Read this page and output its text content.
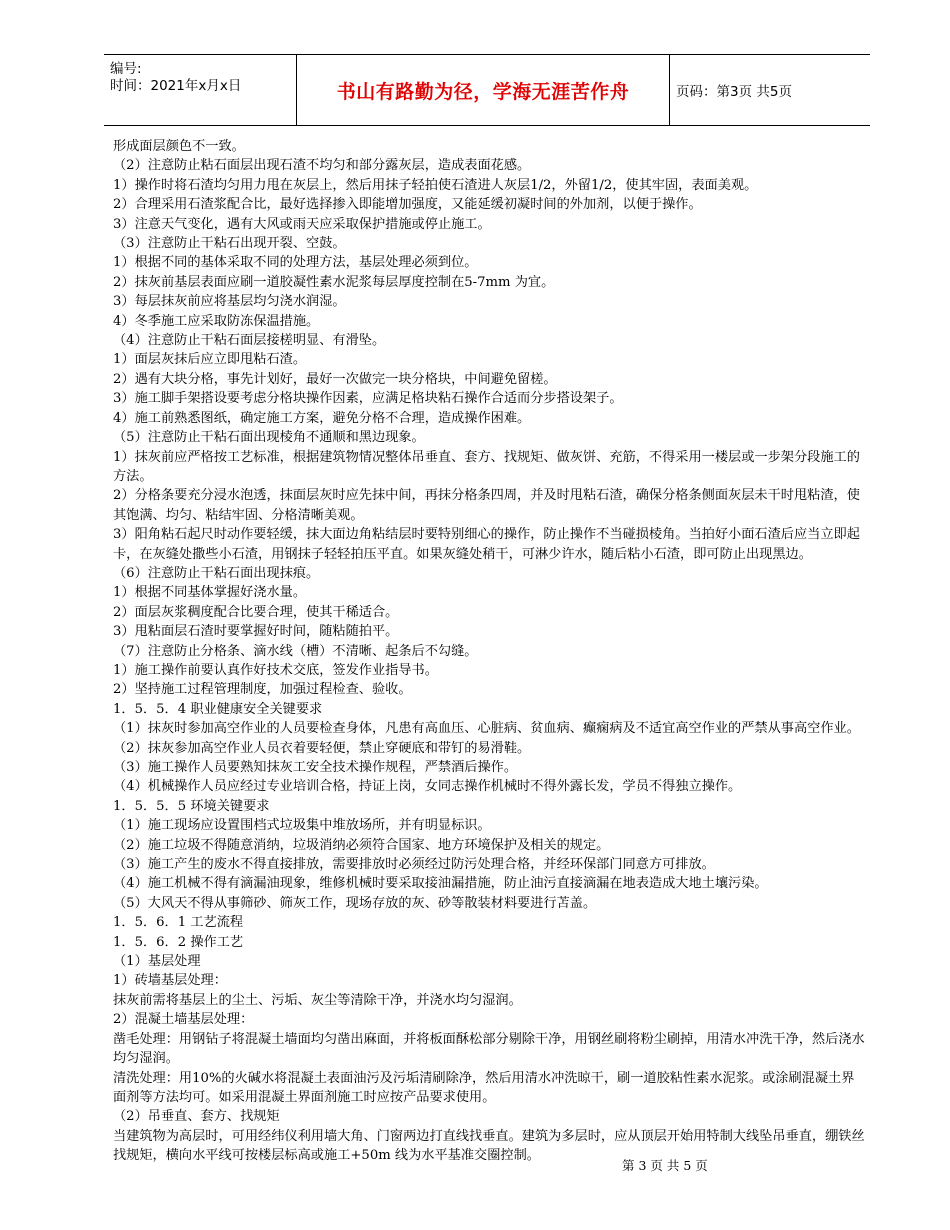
编号:
时间：2021年x月x日	书山有路勤为径，学海无涯苦作舟	页码：第3页 共5页

形成面层颜色不一致。

（2）注意防止粘石面层出现石渣不均匀和部分露灰层，造成表面花感。

1）操作时将石渣均匀用力甩在灰层上，然后用抹子轻拍使石渣进人灰层1/2，外留1/2，使其牢固，表面美观。

2）合理采用石渣浆配合比，最好选择掺入即能增加强度，又能延缓初凝时间的外加剂，以便于操作。

3）注意天气变化，遇有大风或雨天应采取保护措施或停止施工。

（3）注意防止干粘石出现开裂、空鼓。

1）根据不同的基体采取不同的处理方法，基层处理必须到位。

2）抹灰前基层表面应刷一道胶凝性素水泥浆每层厚度控制在5-7mm 为宜。

3）每层抹灰前应将基层均匀浇水润湿。

4）冬季施工应采取防冻保温措施。

（4）注意防止干粘石面层接槎明显、有滑坠。

1）面层灰抹后应立即甩粘石渣。

2）遇有大块分格，事先计划好，最好一次做完一块分格块，中间避免留槎。

3）施工脚手架搭设要考虑分格块操作因素，应满足格块粘石操作合适而分步搭设架子。

4）施工前熟悉图纸，确定施工方案，避免分格不合理，造成操作困难。

（5）注意防止干粘石面出现棱角不通顺和黑边现象。

1）抹灰前应严格按工艺标准，根据建筑物情况整体吊垂直、套方、找规矩、做灰饼、充筋，不得采用一楼层或一步架分段施工的方法。

2）分格条要充分浸水泡透，抹面层灰时应先抹中间，再抹分格条四周，并及时甩粘石渣，确保分格条侧面灰层未干时甩粘渣，使其饱满、均匀、粘结牢固、分格清晰美观。

3）阳角粘石起尺时动作要轻缓，抹大面边角粘结层时要特别细心的操作，防止操作不当碰损棱角。当拍好小面石渣后应当立即起卡，在灰缝处撒些小石渣，用钢抹子轻轻拍压平直。如果灰缝处稍干，可淋少许水，随后粘小石渣，即可防止出现黑边。

（6）注意防止干粘石面出现抹痕。

1）根据不同基体掌握好浇水量。

2）面层灰浆稠度配合比要合理，使其干稀适合。

3）甩粘面层石渣时要掌握好时间，随粘随拍平。

（7）注意防止分格条、滴水线（槽）不清晰、起条后不勾缝。

1）施工操作前要认真作好技术交底，签发作业指导书。

2）坚持施工过程管理制度，加强过程检查、验收。

1．5．5．4 职业健康安全关键要求

（1）抹灰时参加高空作业的人员要检查身体，凡患有高血压、心脏病、贫血病、癫痫病及不适宜高空作业的严禁从事高空作业。

（2）抹灰参加高空作业人员衣着要轻便，禁止穿硬底和带钉的易滑鞋。

（3）施工操作人员要熟知抹灰工安全技术操作规程，严禁酒后操作。

（4）机械操作人员应经过专业培训合格，持证上岗，女同志操作机械时不得外露长发，学员不得独立操作。

1．5．5．5 环境关键要求

（1）施工现场应设置围档式垃圾集中堆放场所，并有明显标识。

（2）施工垃圾不得随意消纳，垃圾消纳必须符合国家、地方环境保护及相关的规定。

（3）施工产生的废水不得直接排放，需要排放时必须经过防污处理合格，并经环保部门同意方可排放。

（4）施工机械不得有滴漏油现象，维修机械时要采取接油漏措施，防止油污直接滴漏在地表造成大地土壤污染。

（5）大风天不得从事筛砂、筛灰工作，现场存放的灰、砂等散装材料要进行苫盖。

1．5．6．1 工艺流程

1．5．6．2 操作工艺

（1）基层处理

1）砖墙基层处理：

抹灰前需将基层上的尘土、污垢、灰尘等清除干净，并浇水均匀湿润。

2）混凝土墙基层处理：

凿毛处理：用钢钻子将混凝土墙面均匀凿出麻面，并将板面酥松部分剔除干净，用钢丝刷将粉尘刷掉，用清水冲洗干净，然后浇水均匀湿润。

清洗处理：用10%的火碱水将混凝土表面油污及污垢清刷除净，然后用清水冲洗晾干，刷一道胶粘性素水泥浆。或涂刷混凝土界面剂等方法均可。如采用混凝土界面剂施工时应按产品要求使用。

（2）吊垂直、套方、找规矩

当建筑物为高层时，可用经纬仪利用墙大角、门窗两边打直线找垂直。建筑为多层时，应从顶层开始用特制大线坠吊垂直，绷铁丝找规矩，横向水平线可按楼层标高或施工+50m 线为水平基准交圈控制。

第 3 页 共 5 页
